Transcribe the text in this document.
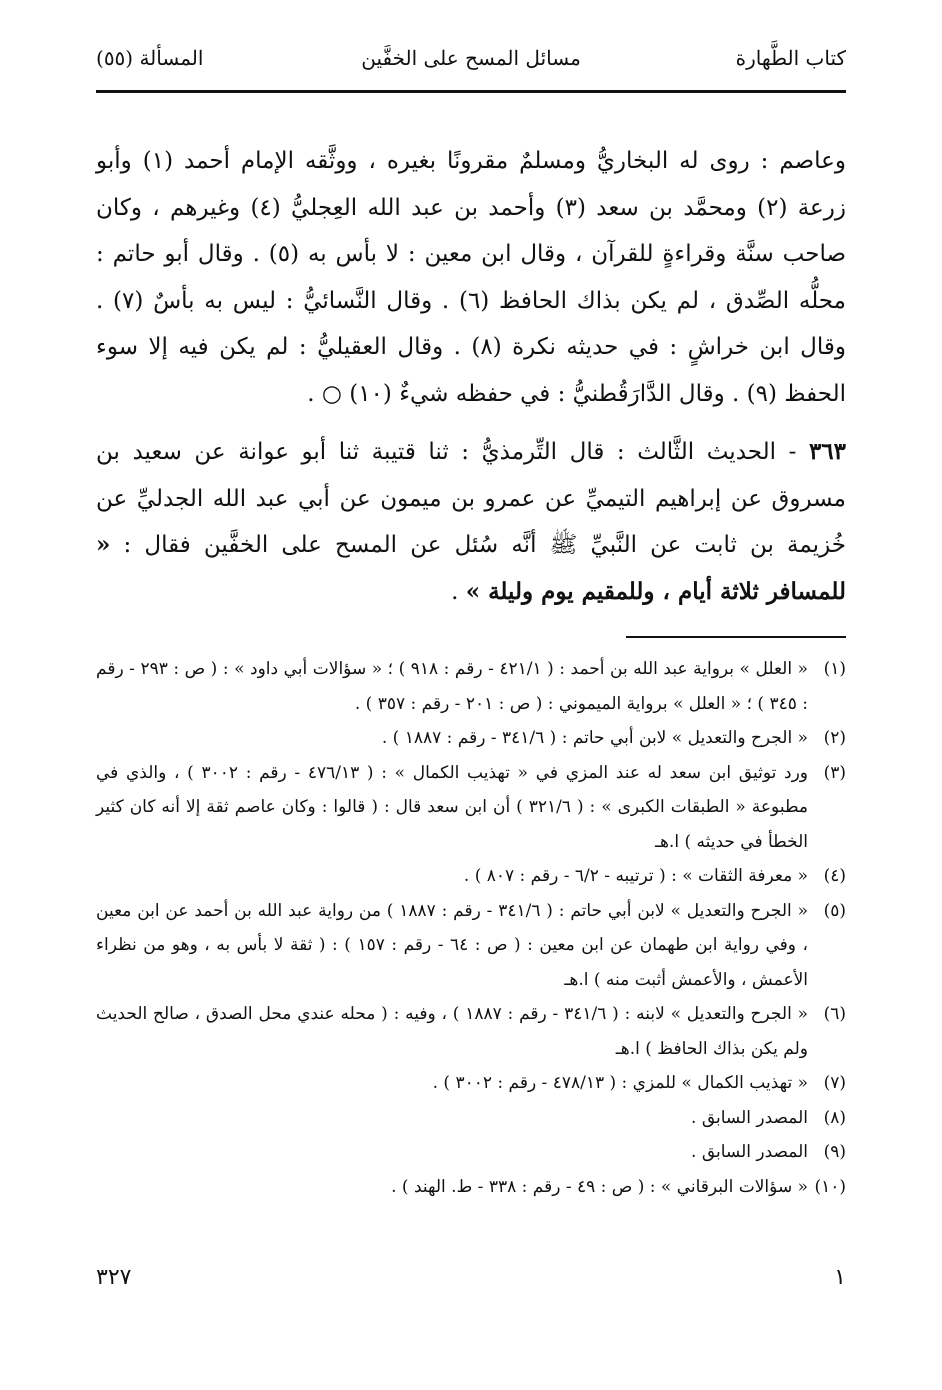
كتاب الطَّهارة
مسائل المسح على الخفَّين
المسألة (٥٥)

وعاصم : روى له البخاريُّ ومسلمٌ مقرونًا بغيره ، ووثَّقه الإمام أحمد (١) وأبو زرعة (٢) ومحمَّد بن سعد (٣) وأحمد بن عبد الله العِجليُّ (٤) وغيرهم ، وكان صاحب سنَّة وقراءةٍ للقرآن ، وقال ابن معين : لا بأس به (٥) . وقال أبو حاتم : محلُّه الصِّدق ، لم يكن بذاك الحافظ (٦) . وقال النَّسائيُّ : ليس به بأسٌ (٧) . وقال ابن خراشٍ : في حديثه نكرة (٨) . وقال العقيليُّ : لم يكن فيه إلا سوء الحفظ (٩) . وقال الدَّارَقُطنيُّ : في حفظه شيءٌ (١٠) ○ .

٣٦٣ - الحديث الثَّالث : قال التِّرمذيُّ : ثنا قتيبة ثنا أبو عوانة عن سعيد بن مسروق عن إبراهيم التيميِّ عن عمرو بن ميمون عن أبي عبد الله الجدليِّ عن خُزيمة بن ثابت عن النَّبيِّ ﷺ أنَّه سُئل عن المسح على الخفَّين فقال : « للمسافر ثلاثة أيام ، وللمقيم يوم وليلة » .

(١)
« العلل » برواية عبد الله بن أحمد : ( ٤٢١/١ - رقم : ٩١٨ ) ؛ « سؤالات أبي داود » : ( ص : ٢٩٣ - رقم : ٣٤٥ ) ؛ « العلل » برواية الميموني : ( ص : ٢٠١ - رقم : ٣٥٧ ) .
(٢)
« الجرح والتعديل » لابن أبي حاتم : ( ٣٤١/٦ - رقم : ١٨٨٧ ) .
(٣)
ورد توثيق ابن سعد له عند المزي في « تهذيب الكمال » : ( ٤٧٦/١٣ - رقم : ٣٠٠٢ ) ، والذي في مطبوعة « الطبقات الكبرى » : ( ٣٢١/٦ ) أن ابن سعد قال : ( قالوا : وكان عاصم ثقة إلا أنه كان كثير الخطأ في حديثه ) ا.هـ
(٤)
« معرفة الثقات » : ( ترتيبه - ٦/٢ - رقم : ٨٠٧ ) .
(٥)
« الجرح والتعديل » لابن أبي حاتم : ( ٣٤١/٦ - رقم : ١٨٨٧ ) من رواية عبد الله بن أحمد عن ابن معين ، وفي رواية ابن طهمان عن ابن معين : ( ص : ٦٤ - رقم : ١٥٧ ) : ( ثقة لا بأس به ، وهو من نظراء الأعمش ، والأعمش أثبت منه ) ا.هـ
(٦)
« الجرح والتعديل » لابنه : ( ٣٤١/٦ - رقم : ١٨٨٧ ) ، وفيه : ( محله عندي محل الصدق ، صالح الحديث ولم يكن بذاك الحافظ ) ا.هـ
(٧)
« تهذيب الكمال » للمزي : ( ٤٧٨/١٣ - رقم : ٣٠٠٢ ) .
(٨)
المصدر السابق .
(٩)
المصدر السابق .
(١٠)
« سؤالات البرقاني » : ( ص : ٤٩ - رقم : ٣٣٨ - ط. الهند ) .
١
٣٢٧
